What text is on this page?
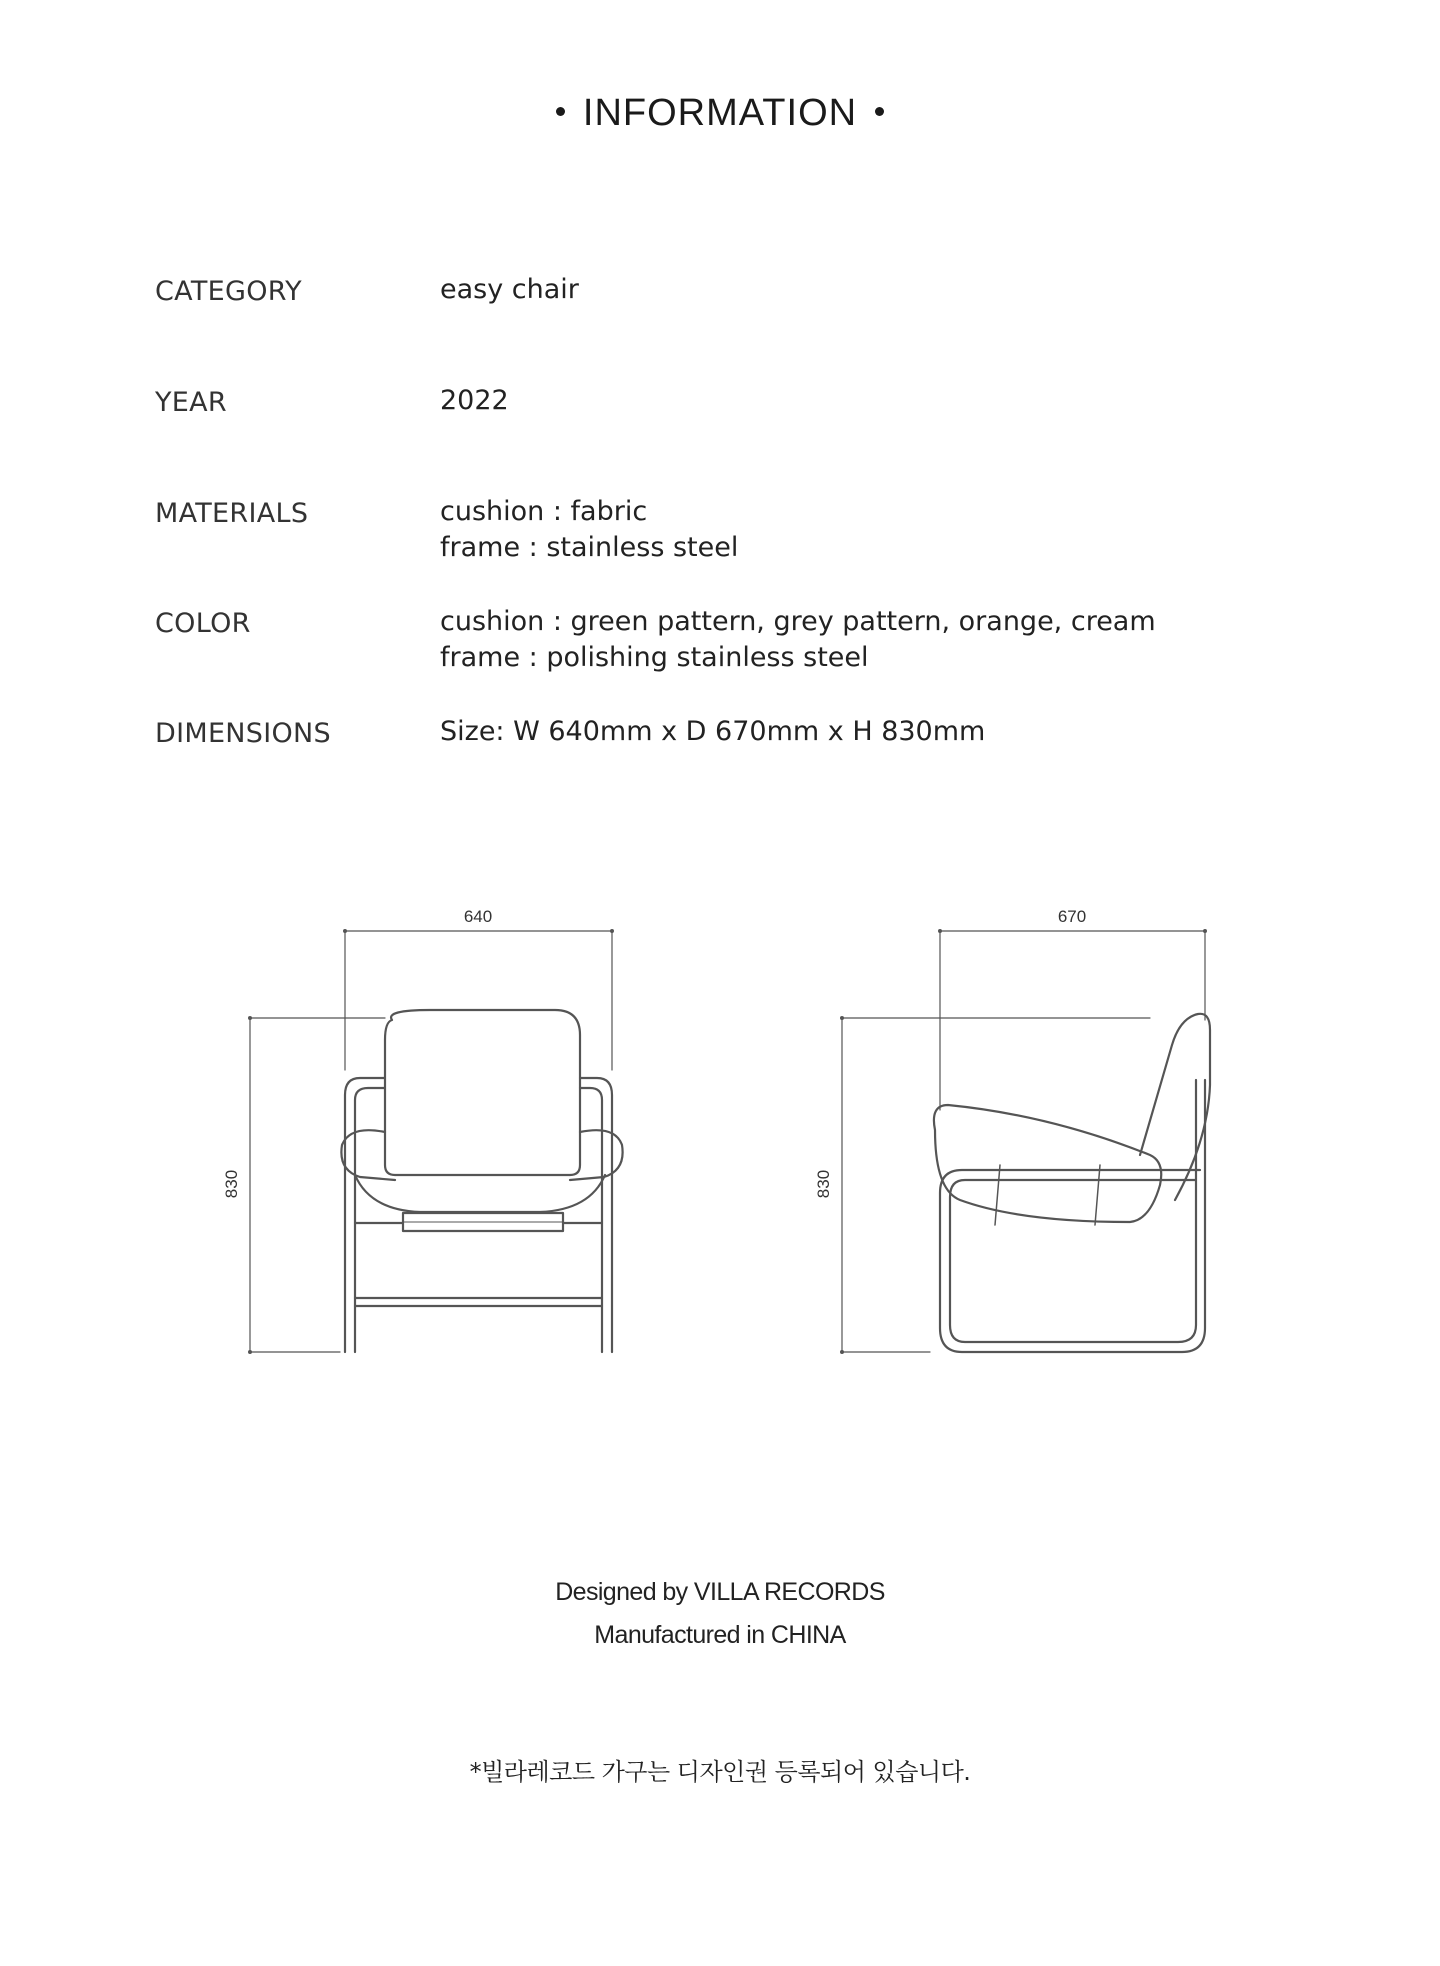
INFORMATION
CATEGORY	easy chair
YEAR	2022
MATERIALS	cushion : fabric
frame : stainless steel
COLOR	cushion : green pattern, grey pattern, orange, cream
frame : polishing stainless steel
DIMENSIONS	Size: W 640mm x D 670mm x H 830mm
640
830
670
830
Designed by VILLA RECORDS
Manufactured in CHINA
*빌라레코드 가구는 디자인권 등록되어 있습니다.
